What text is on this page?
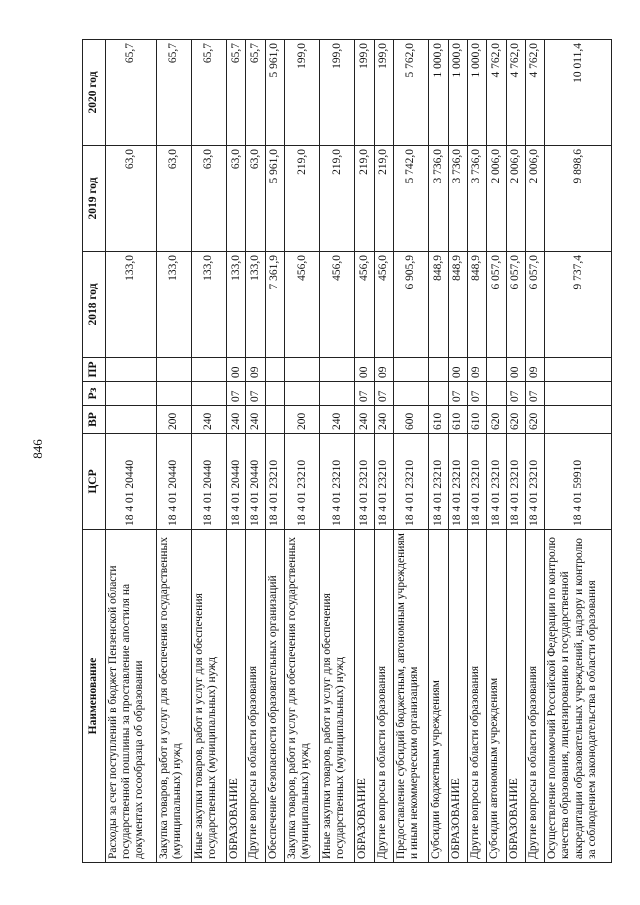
846
Наименование	ЦСР	ВР	Рз	ПР	2018 год	2019 год	2020 год
Расходы за счет поступлений в бюджет Пензенской области государственной пошлины за проставление апостиля на документах госообразца об образовании	18 4 01 20440				133,0	63,0	65,7
Закупка товаров, работ и услуг для обеспечения государственных (муниципальных) нужд	18 4 01 20440	200			133,0	63,0	65,7
Иные закупки товаров, работ и услуг для обеспечения государственных (муниципальных) нужд	18 4 01 20440	240			133,0	63,0	65,7
ОБРАЗОВАНИЕ	18 4 01 20440	240	07	00	133,0	63,0	65,7
Другие вопросы в области образования	18 4 01 20440	240	07	09	133,0	63,0	65,7
Обеспечение безопасности образовательных организаций	18 4 01 23210				7 361,9	5 961,0	5 961,0
Закупка товаров, работ и услуг для обеспечения государственных (муниципальных) нужд	18 4 01 23210	200			456,0	219,0	199,0
Иные закупки товаров, работ и услуг для обеспечения государственных (муниципальных) нужд	18 4 01 23210	240			456,0	219,0	199,0
ОБРАЗОВАНИЕ	18 4 01 23210	240	07	00	456,0	219,0	199,0
Другие вопросы в области образования	18 4 01 23210	240	07	09	456,0	219,0	199,0
Предоставление субсидий бюджетным, автономным учреждениям и иным некоммерческим организациям	18 4 01 23210	600			6 905,9	5 742,0	5 762,0
Субсидии бюджетным учреждениям	18 4 01 23210	610			848,9	3 736,0	1 000,0
ОБРАЗОВАНИЕ	18 4 01 23210	610	07	00	848,9	3 736,0	1 000,0
Другие вопросы в области образования	18 4 01 23210	610	07	09	848,9	3 736,0	1 000,0
Субсидии автономным учреждениям	18 4 01 23210	620			6 057,0	2 006,0	4 762,0
ОБРАЗОВАНИЕ	18 4 01 23210	620	07	00	6 057,0	2 006,0	4 762,0
Другие вопросы в области образования	18 4 01 23210	620	07	09	6 057,0	2 006,0	4 762,0
Осуществление полномочий Российской Федерации по контролю качества образования, лицензированию и государственной аккредитации образовательных учреждений, надзору и контролю за соблюдением законодательства в области образования	18 4 01 59910				9 737,4	9 898,6	10 011,4
